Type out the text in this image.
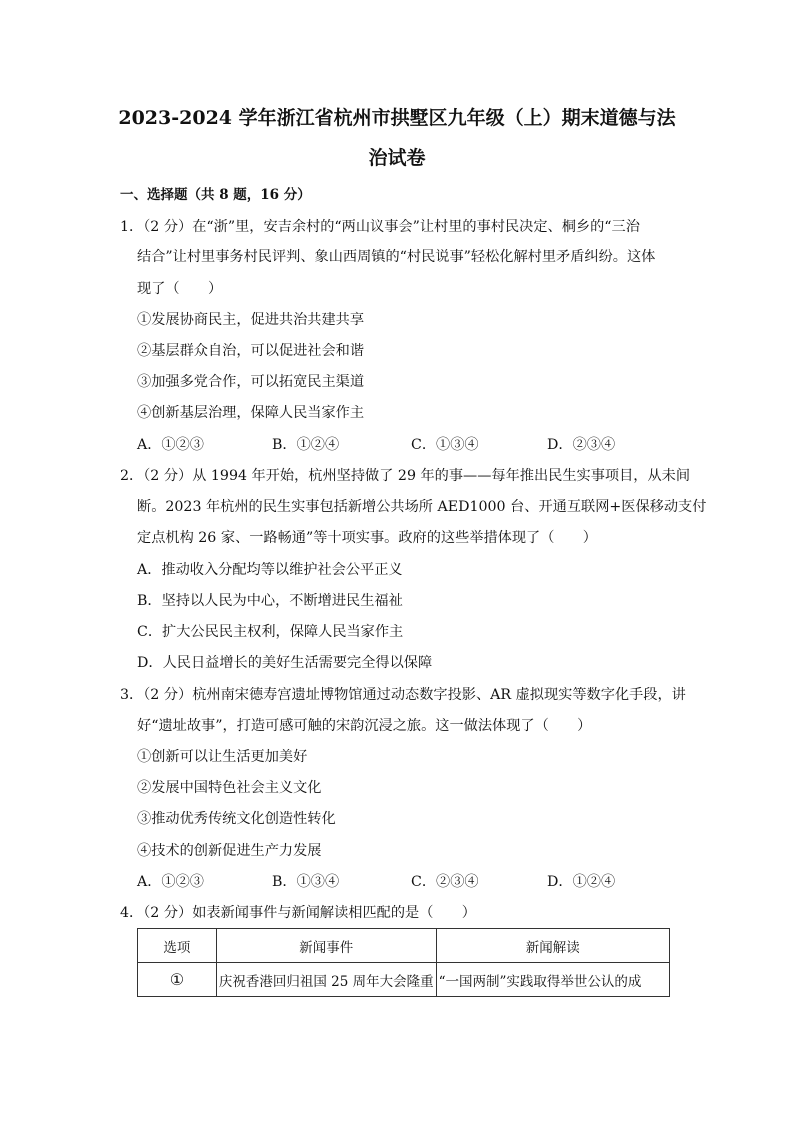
2023-2024 学年浙江省杭州市拱墅区九年级（上）期末道德与法
治试卷
一、选择题（共 8 题，16 分）
1．（2 分）在“浙”里，安吉余村的“两山议事会”让村里的事村民决定、桐乡的“三治
结合”让村里事务村民评判、象山西周镇的“村民说事”轻松化解村里矛盾纠纷。这体
现了（　　）
①发展协商民主，促进共治共建共享
②基层群众自治，可以促进社会和谐
③加强多党合作，可以拓宽民主渠道
④创新基层治理，保障人民当家作主
A．①②③	B．①②④	C．①③④	D．②③④
2．（2 分）从 1994 年开始，杭州坚持做了 29 年的事——每年推出民生实事项目，从未间
断。2023 年杭州的民生实事包括新增公共场所 AED1000 台、开通互联网+医保移动支付
定点机构 26 家、一路畅通”等十项实事。政府的这些举措体现了（　　）
A．推动收入分配均等以维护社会公平正义
B．坚持以人民为中心，不断增进民生福祉
C．扩大公民民主权利，保障人民当家作主
D．人民日益增长的美好生活需要完全得以保障
3．（2 分）杭州南宋德寿宫遗址博物馆通过动态数字投影、AR 虚拟现实等数字化手段，讲
好“遗址故事”，打造可感可触的宋韵沉浸之旅。这一做法体现了（　　）
①创新可以让生活更加美好
②发展中国特色社会主义文化
③推动优秀传统文化创造性转化
④技术的创新促进生产力发展
A．①②③	B．①③④	C．②③④	D．①②④
4．（2 分）如表新闻事件与新闻解读相匹配的是（　　）
选项	新闻事件	新闻解读
①	庆祝香港回归祖国 25 周年大会隆重	“一国两制”实践取得举世公认的成
